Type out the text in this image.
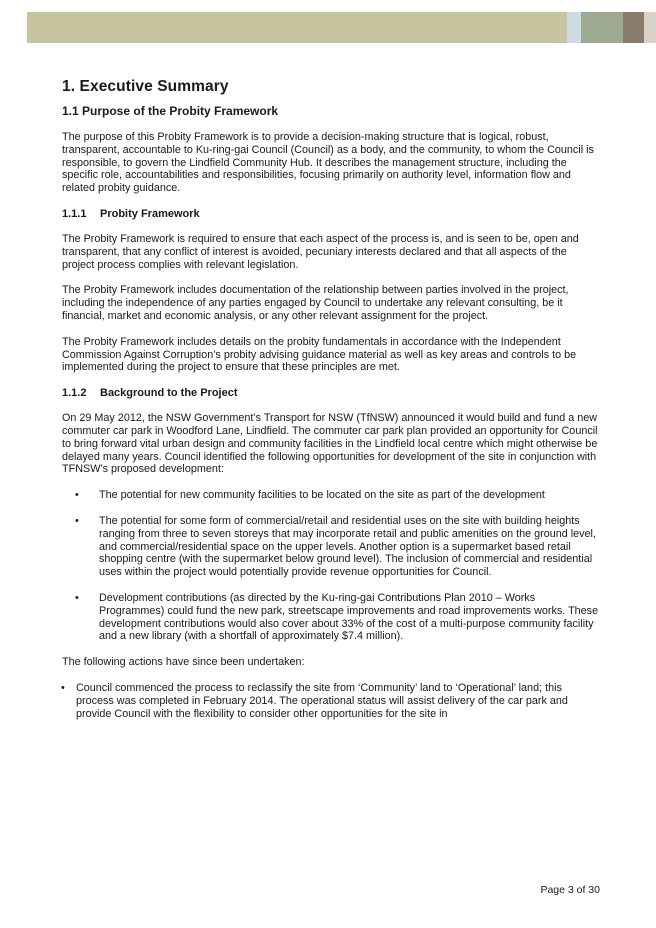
1. Executive Summary
1.1 Purpose of the Probity Framework

The purpose of this Probity Framework is to provide a decision-making structure that is logical, robust, transparent, accountable to Ku-ring-gai Council (Council) as a body, and the community, to whom the Council is responsible, to govern the Lindfield Community Hub. It describes the management structure, including the specific role, accountabilities and responsibilities, focusing primarily on authority level, information flow and related probity guidance.

1.1.1 Probity Framework

The Probity Framework is required to ensure that each aspect of the process is, and is seen to be, open and transparent, that any conflict of interest is avoided, pecuniary interests declared and that all aspects of the project process complies with relevant legislation.

The Probity Framework includes documentation of the relationship between parties involved in the project, including the independence of any parties engaged by Council to undertake any relevant consulting, be it financial, market and economic analysis, or any other relevant assignment for the project.

The Probity Framework includes details on the probity fundamentals in accordance with the Independent Commission Against Corruption’s probity advising guidance material as well as key areas and controls to be implemented during the project to ensure that these principles are met.

1.1.2 Background to the Project

On 29 May 2012, the NSW Government’s Transport for NSW (TfNSW) announced it would build and fund a new commuter car park in Woodford Lane, Lindfield. The commuter car park plan provided an opportunity for Council to bring forward vital urban design and community facilities in the Lindfield local centre which might otherwise be delayed many years. Council identified the following opportunities for development of the site in conjunction with TFNSW’s proposed development:

• The potential for new community facilities to be located on the site as part of the development
• The potential for some form of commercial/retail and residential uses on the site with building heights ranging from three to seven storeys that may incorporate retail and public amenities on the ground level, and commercial/residential space on the upper levels. Another option is a supermarket based retail shopping centre (with the supermarket below ground level). The inclusion of commercial and residential uses within the project would potentially provide revenue opportunities for Council.
• Development contributions (as directed by the Ku-ring-gai Contributions Plan 2010 – Works Programmes) could fund the new park, streetscape improvements and road improvements works. These development contributions would also cover about 33% of the cost of a multi-purpose community facility and a new library (with a shortfall of approximately $7.4 million).

The following actions have since been undertaken:

• Council commenced the process to reclassify the site from ‘Community’ land to ‘Operational’ land; this process was completed in February 2014. The operational status will assist delivery of the car park and provide Council with the flexibility to consider other opportunities for the site in
Page 3 of 30
